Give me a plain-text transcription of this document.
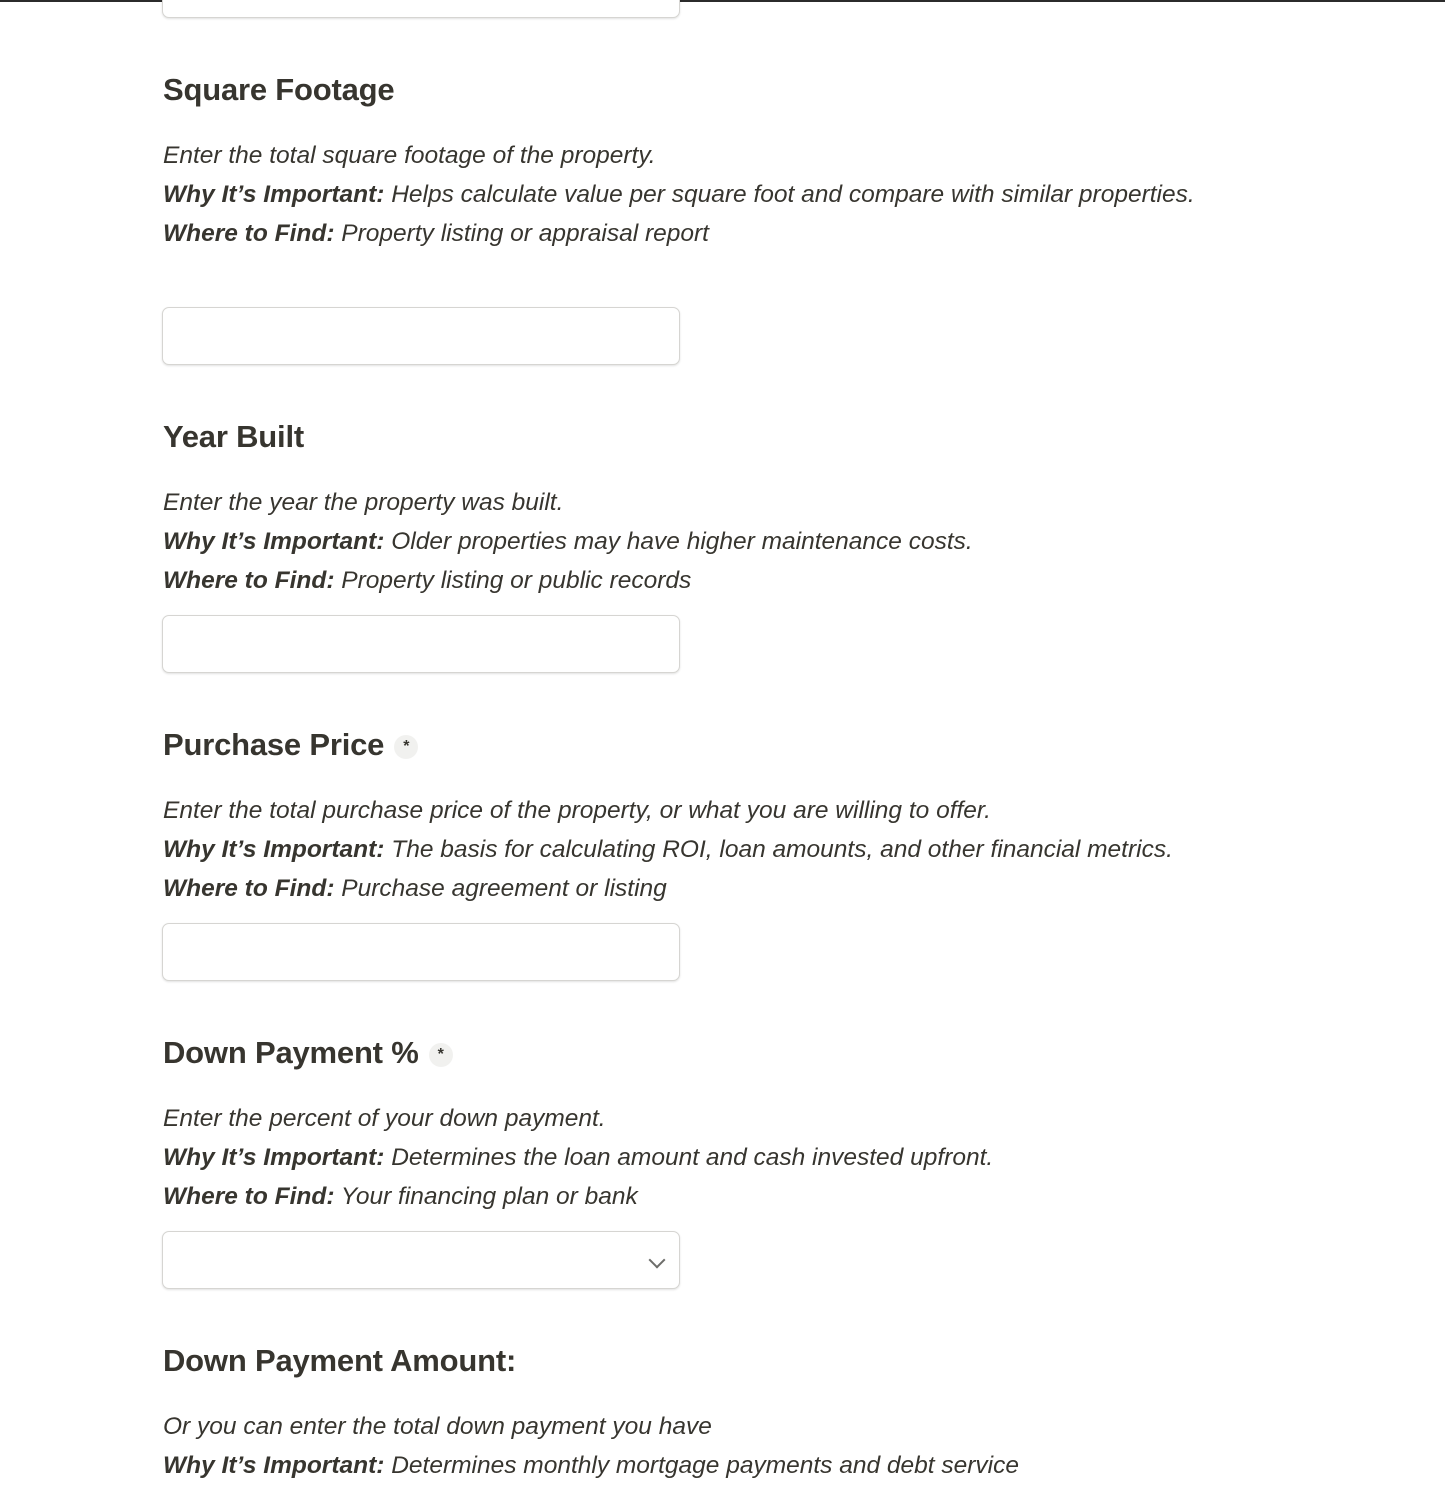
Square Footage

Enter the total square footage of the property.

Why It’s Important: Helps calculate value per square foot and compare with similar properties.

Where to Find: Property listing or appraisal report

Year Built

Enter the year the property was built.

Why It’s Important: Older properties may have higher maintenance costs.

Where to Find: Property listing or public records

Purchase Price	*

Enter the total purchase price of the property, or what you are willing to offer.

Why It’s Important: The basis for calculating ROI, loan amounts, and other financial metrics.

Where to Find: Purchase agreement or listing

Down Payment %	*

Enter the percent of your down payment.

Why It’s Important: Determines the loan amount and cash invested upfront.

Where to Find: Your financing plan or bank

Down Payment Amount:

Or you can enter the total down payment you have

Why It’s Important: Determines monthly mortgage payments and debt service
